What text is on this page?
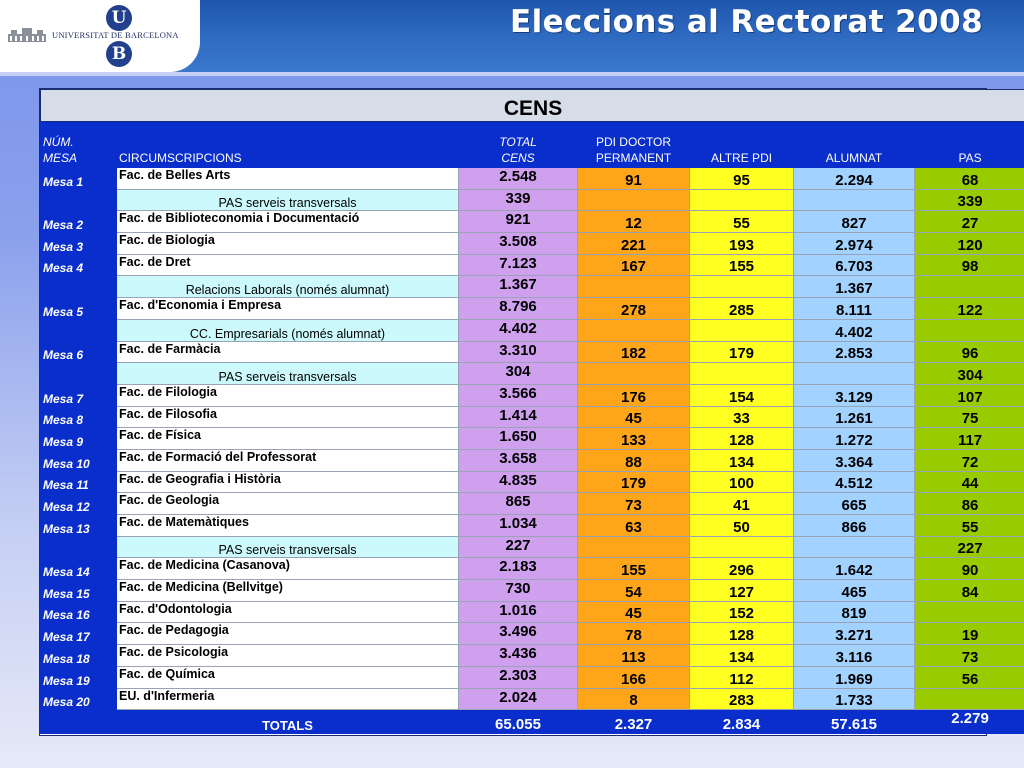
U
UNIVERSITAT DE BARCELONA
B
Eleccions al Rectorat 2008
CENS						
NÚM.
MESA	CIRCUMSCRIPCIONS	TOTAL
CENS	PDI DOCTOR
PERMANENT	ALTRE PDI	ALUMNAT	PAS
Mesa 1	Fac. de Belles Arts	2.548	91	95	2.294	68
	PAS serveis transversals	339				339
Mesa 2	Fac. de Biblioteconomia i Documentació	921	12	55	827	27
Mesa 3	Fac. de Biologia	3.508	221	193	2.974	120
Mesa 4	Fac. de Dret	7.123	167	155	6.703	98
	Relacions Laborals (només alumnat)	1.367			1.367	
Mesa 5	Fac. d'Economia i Empresa	8.796	278	285	8.111	122
	CC. Empresarials (només alumnat)	4.402			4.402	
Mesa 6	Fac. de Farmàcia	3.310	182	179	2.853	96
	PAS serveis transversals	304				304
Mesa 7	Fac. de Filologia	3.566	176	154	3.129	107
Mesa 8	Fac. de Filosofia	1.414	45	33	1.261	75
Mesa 9	Fac. de Física	1.650	133	128	1.272	117
Mesa 10	Fac. de Formació del Professorat	3.658	88	134	3.364	72
Mesa 11	Fac. de Geografia i Història	4.835	179	100	4.512	44
Mesa 12	Fac. de Geologia	865	73	41	665	86
Mesa 13	Fac. de Matemàtiques	1.034	63	50	866	55
	PAS serveis transversals	227				227
Mesa 14	Fac. de Medicina (Casanova)	2.183	155	296	1.642	90
Mesa 15	Fac. de Medicina (Bellvitge)	730	54	127	465	84
Mesa 16	Fac. d'Odontologia	1.016	45	152	819	
Mesa 17	Fac. de Pedagogia	3.496	78	128	3.271	19
Mesa 18	Fac. de Psicologia	3.436	113	134	3.116	73
Mesa 19	Fac. de Química	2.303	166	112	1.969	56
Mesa 20	EU. d'Infermeria	2.024	8	283	1.733	
	TOTALS	65.055	2.327	2.834	57.615	2.279
